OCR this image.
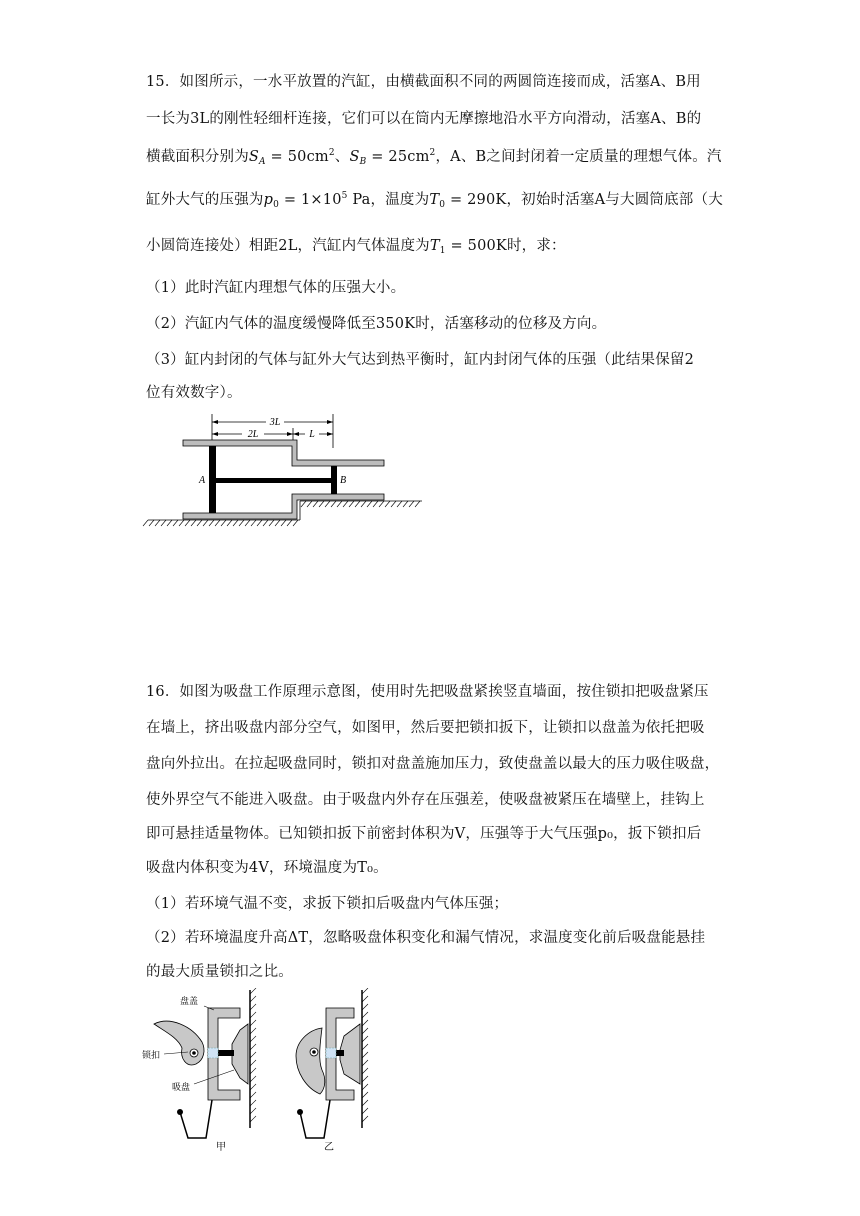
15．如图所示，一水平放置的汽缸，由横截面积不同的两圆筒连接而成，活塞A、B用
一长为3L的刚性轻细杆连接，它们可以在筒内无摩擦地沿水平方向滑动，活塞A、B的
横截面积分别为$S_A = 50cm^2$、$S_B = 25cm^2$，A、B之间封闭着一定质量的理想气体。汽
缸外大气的压强为$p_0 = 1\times 10^5$ Pa，温度为$T_0 = 290K$，初始时活塞A与大圆筒底部（大
小圆筒连接处）相距2L，汽缸内气体温度为$T_1 = 500K$时，求：
（1）此时汽缸内理想气体的压强大小。
（2）汽缸内气体的温度缓慢降低至350K时，活塞移动的位移及方向。
（3）缸内封闭的气体与缸外大气达到热平衡时，缸内封闭气体的压强（此结果保留2
位有效数字）。
3L
2L	L
A	B
16．如图为吸盘工作原理示意图，使用时先把吸盘紧挨竖直墙面，按住锁扣把吸盘紧压
在墙上，挤出吸盘内部分空气，如图甲，然后要把锁扣扳下，让锁扣以盘盖为依托把吸
盘向外拉出。在拉起吸盘同时，锁扣对盘盖施加压力，致使盘盖以最大的压力吸住吸盘，
使外界空气不能进入吸盘。由于吸盘内外存在压强差，使吸盘被紧压在墙壁上，挂钩上
即可悬挂适量物体。已知锁扣扳下前密封体积为V，压强等于大气压强p₀，扳下锁扣后
吸盘内体积变为4V，环境温度为T₀。
（1）若环境气温不变，求扳下锁扣后吸盘内气体压强；
（2）若环境温度升高ΔT，忽略吸盘体积变化和漏气情况，求温度变化前后吸盘能悬挂
的最大质量锁扣之比。
盘盖
锁扣
吸盘
甲	乙
